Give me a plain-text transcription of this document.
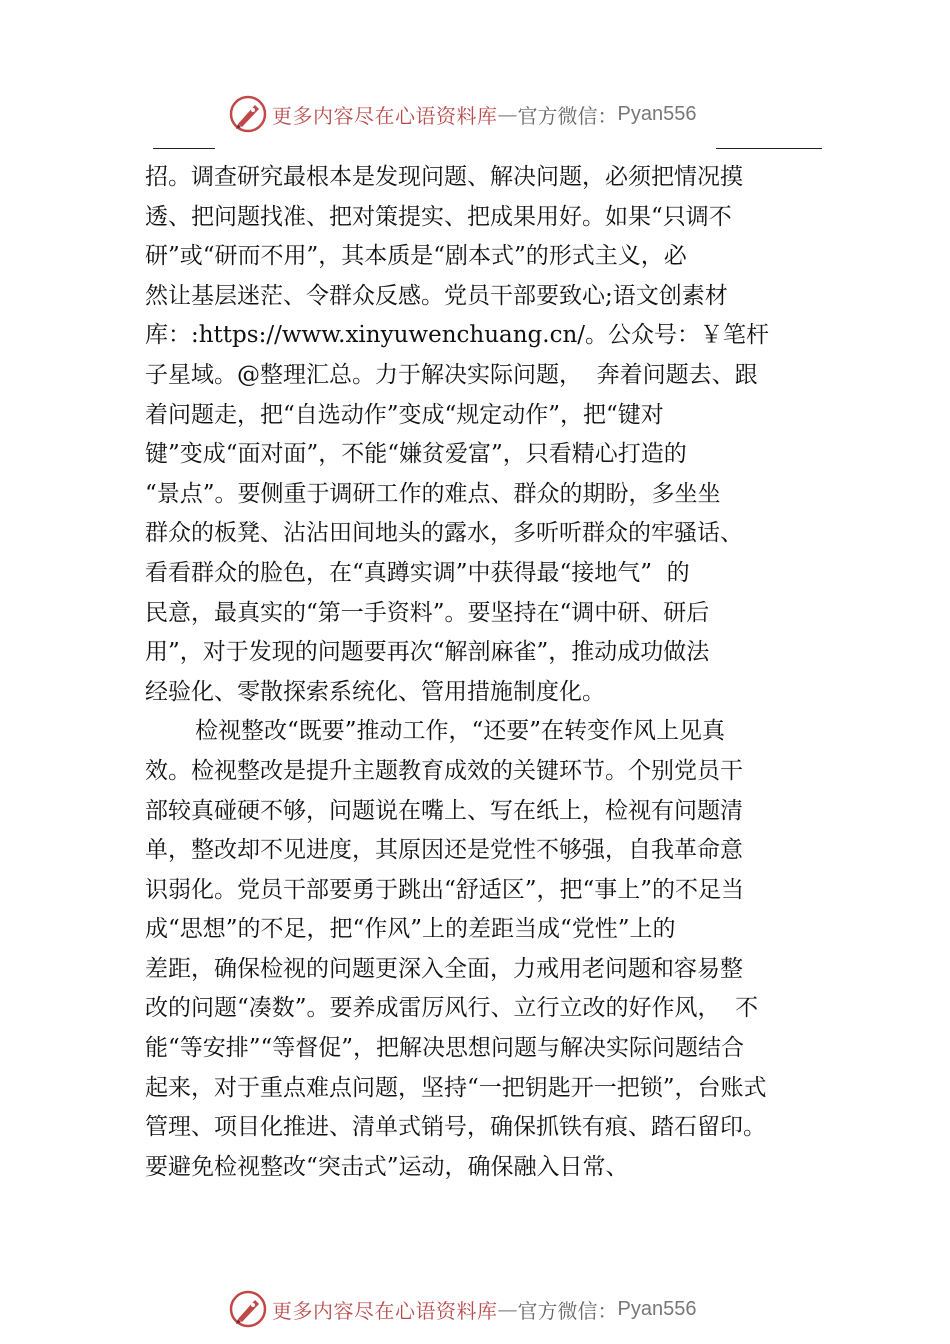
更多内容尽在心语资料库 — 官方微信： Pyan556
招。调查研究最根本是发现问题、解决问题，必须把情况摸
透、把问题找准、把对策提实、把成果用好。如果“只调不
研”或“研而不用”，其本质是“剧本式”的形式主义，必
然让基层迷茫、令群众反感。党员干部要致心;语文创素材
库：:https://www.xinyuwenchuang.cn/。公众号：￥笔杆
子星域。@整理汇总。力于解决实际问题，  奔着问题去、跟
着问题走，把“自选动作”变成“规定动作”，把“键对
键”变成“面对面”，不能“嫌贫爱富”，只看精心打造的
“景点”。要侧重于调研工作的难点、群众的期盼，多坐坐
群众的板凳、沾沾田间地头的露水，多听听群众的牢骚话、
看看群众的脸色，在“真蹲实调”中获得最“接地气”  的
民意，最真实的“第一手资料”。要坚持在“调中研、研后
用”，对于发现的问题要再次“解剖麻雀”，推动成功做法
经验化、零散探索系统化、管用措施制度化。
检视整改“既要”推动工作，“还要”在转变作风上见真
效。检视整改是提升主题教育成效的关键环节。个别党员干
部较真碰硬不够，问题说在嘴上、写在纸上，检视有问题清
单，整改却不见进度，其原因还是党性不够强，自我革命意
识弱化。党员干部要勇于跳出“舒适区”，把“事上”的不足当
成“思想”的不足，把“作风”上的差距当成“党性”上的
差距，确保检视的问题更深入全面，力戒用老问题和容易整
改的问题“凑数”。要养成雷厉风行、立行立改的好作风，  不
能“等安排”“等督促”，把解决思想问题与解决实际问题结合
起来，对于重点难点问题，坚持“一把钥匙开一把锁”，台账式
管理、项目化推进、清单式销号，确保抓铁有痕、踏石留印。
要避免检视整改“突击式”运动，确保融入日常、
更多内容尽在心语资料库 — 官方微信： Pyan556
